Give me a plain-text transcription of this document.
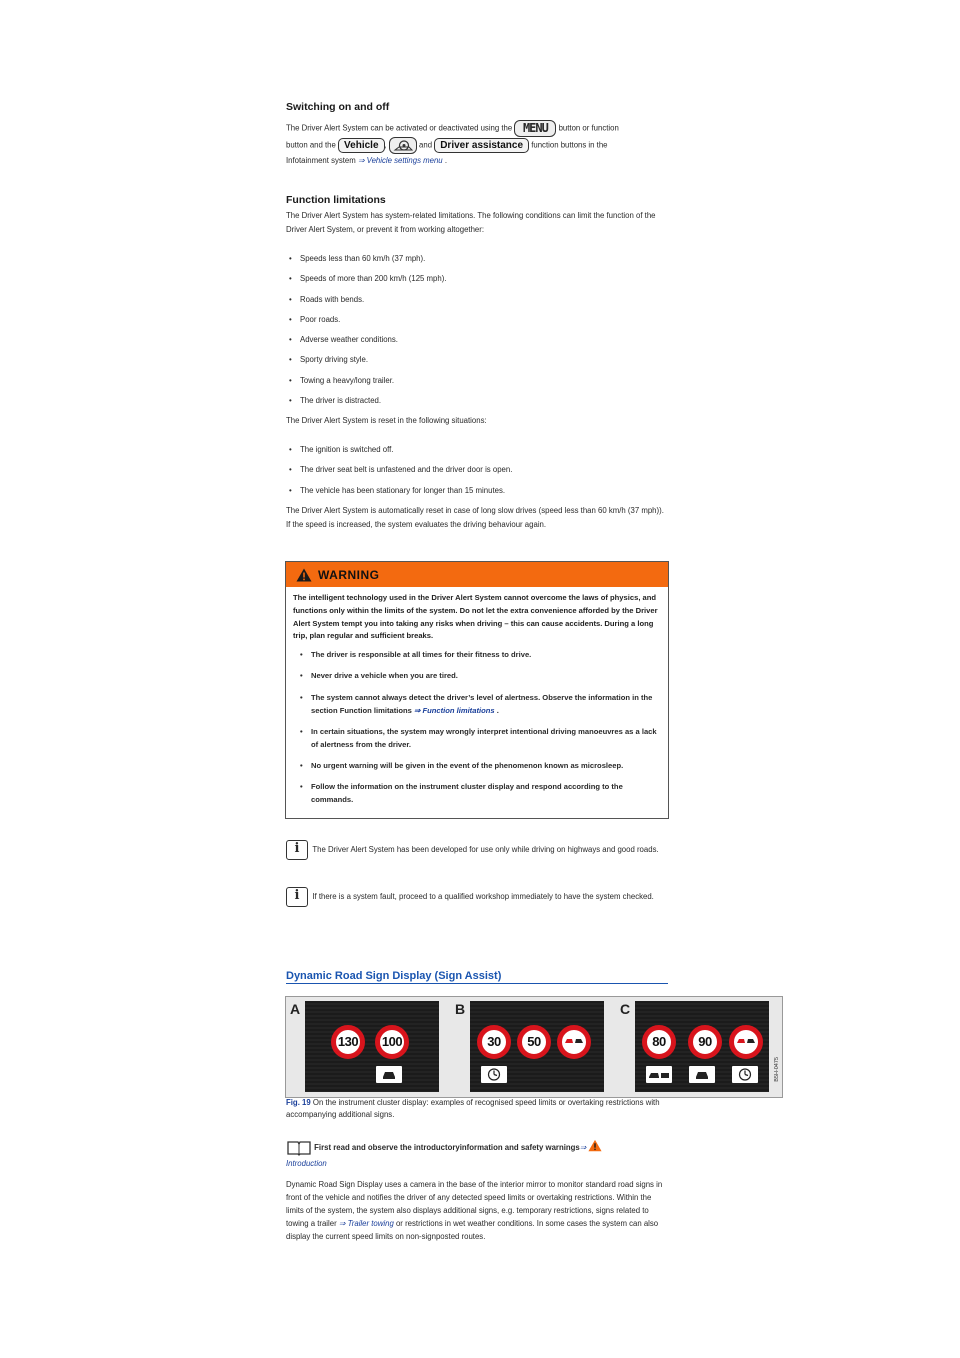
Switching on and off
The Driver Alert System can be activated or deactivated using the MENU button or function
button and the Vehicle ,	and Driver assistance function buttons in the
Infotainment system ⇒ Vehicle settings menu .
Function limitations
The Driver Alert System has system-related limitations. The following conditions can limit the function of the Driver Alert System, or prevent it from working altogether:
• Speeds less than 60 km/h (37 mph).
• Speeds of more than 200 km/h (125 mph).
• Roads with bends.
• Poor roads.
• Adverse weather conditions.
• Sporty driving style.
• Towing a heavy/long trailer.
• The driver is distracted.
The Driver Alert System is reset in the following situations:
• The ignition is switched off.
• The driver seat belt is unfastened and the driver door is open.
• The vehicle has been stationary for longer than 15 minutes.
The Driver Alert System is automatically reset in case of long slow drives (speed less than 60 km/h (37 mph)). If the speed is increased, the system evaluates the driving behaviour again.
WARNING
The intelligent technology used in the Driver Alert System cannot overcome the laws of physics, and functions only within the limits of the system. Do not let the extra convenience afforded by the Driver Alert System tempt you into taking any risks when driving – this can cause accidents. During a long trip, plan regular and sufficient breaks.
• The driver is responsible at all times for their fitness to drive.
• Never drive a vehicle when you are tired.
• The system cannot always detect the driver’s level of alertness. Observe the information in the section Function limitations ⇒ Function limitations .
• In certain situations, the system may wrongly interpret intentional driving manoeuvres as a lack of alertness from the driver.
• No urgent warning will be given in the event of the phenomenon known as microsleep.
• Follow the information on the instrument cluster display and respond according to the commands.
i	The Driver Alert System has been developed for use only while driving on highways and good roads.
i	If there is a system fault, proceed to a qualified workshop immediately to have the system checked.
Dynamic Road Sign Display (Sign Assist)
A
130	100
B
30	50
C
80	90
B5H-0475
Fig. 19 On the instrument cluster display: examples of recognised speed limits or overtaking restrictions with accompanying additional signs.
First read and observe the introductoryinformation and safety warnings⇒
Introduction
Dynamic Road Sign Display uses a camera in the base of the interior mirror to monitor standard road signs in front of the vehicle and notifies the driver of any detected speed limits or overtaking restrictions. Within the limits of the system, the system also displays additional signs, e.g. temporary restrictions, signs related to towing a trailer ⇒ Trailer towing or restrictions in wet weather conditions. In some cases the system can also display the current speed limits on non-signposted routes.
